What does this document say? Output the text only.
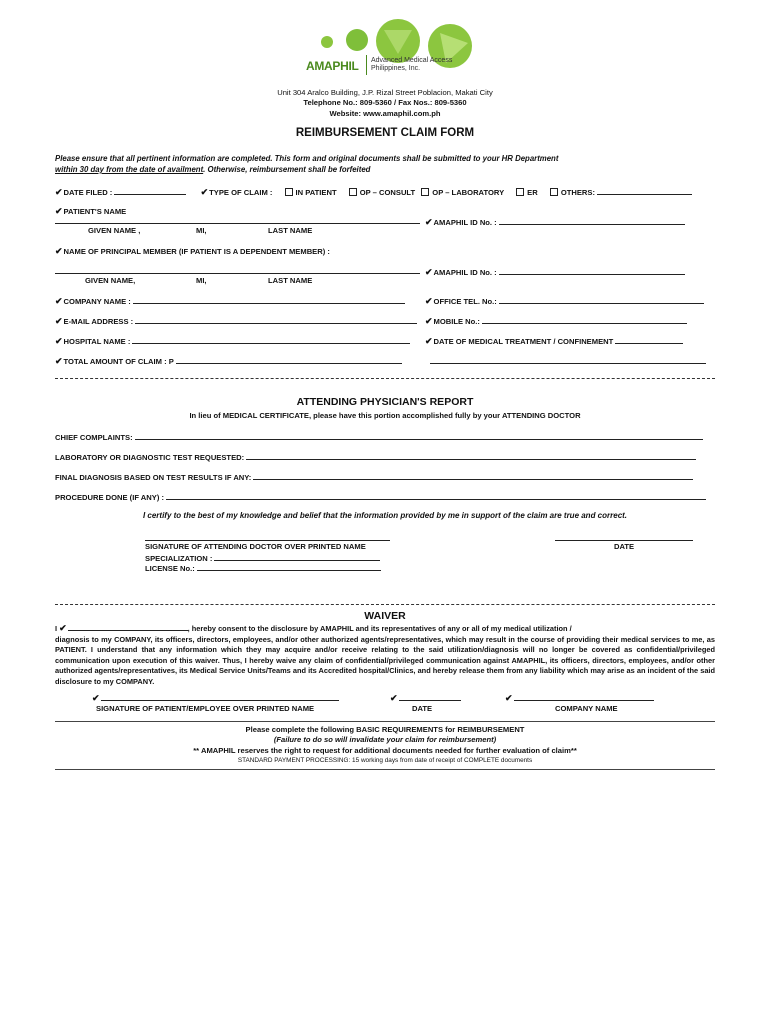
AMAPHIL Advanced Medical Access
Philippines, Inc.
Unit 304 Aralco Building, J.P. Rizal Street Poblacion, Makati City
Telephone No.: 809-5360 / Fax Nos.: 809-5360
Website: www.amaphil.com.ph
REIMBURSEMENT CLAIM FORM
Please ensure that all pertinent information are completed. This form and original documents shall be submitted to your HR Department
within 30 day from the date of availment. Otherwise, reimbursement shall be forfeited
✔DATE FILED :	✔TYPE OF CLAIM :	IN PATIENT	OP – CONSULT OP – LABORATORY	ER	OTHERS:
✔PATIENT'S NAME
✔AMAPHIL ID No. :
GIVEN NAME ,	MI,	LAST NAME
✔NAME OF PRINCIPAL MEMBER (IF PATIENT IS A DEPENDENT MEMBER) :
✔AMAPHIL ID No. :
GIVEN NAME,	MI,	LAST NAME
✔COMPANY NAME :	✔OFFICE TEL. No.:
✔E-MAIL ADDRESS :	✔MOBILE No.:
✔HOSPITAL NAME :	✔DATE OF MEDICAL TREATMENT / CONFINEMENT
✔TOTAL AMOUNT OF CLAIM : P
ATTENDING PHYSICIAN'S REPORT
In lieu of MEDICAL CERTIFICATE, please have this portion accomplished fully by your ATTENDING DOCTOR
CHIEF COMPLAINTS:
LABORATORY OR DIAGNOSTIC TEST REQUESTED:
FINAL DIAGNOSIS BASED ON TEST RESULTS IF ANY:
PROCEDURE DONE (IF ANY) :
I certify to the best of my knowledge and belief that the information provided by me in support of the claim are true and correct.
SIGNATURE OF ATTENDING DOCTOR OVER PRINTED NAME	DATE
SPECIALIZATION :
LICENSE No.:
WAIVER

I ✔	, hereby consent to the disclosure by AMAPHIL and its representatives of any or all of my medical utilization /

diagnosis to my COMPANY, its officers, directors, employees, and/or other authorized agents/representatives, which may result in the course of providing their medical services to me, as PATIENT. I understand that any information which they may acquire and/or receive relating to the said utilization/diagnosis will no longer be covered as confidential/privileged communication upon execution of this waiver. Thus, I hereby waive any claim of confidential/privileged communication against AMAPHIL, its officers, directors, employees, and/or other authorized agents/representatives, its Medical Service Units/Teams and its Accredited hospital/Clinics, and hereby release them from any liability which may arise as an incident of the said disclosure to my COMPANY.

✔	✔	✔
SIGNATURE OF PATIENT/EMPLOYEE OVER PRINTED NAME	DATE	COMPANY NAME
Please complete the following BASIC REQUIREMENTS for REIMBURSEMENT
(Failure to do so will invalidate your claim for reimbursement)
** AMAPHIL reserves the right to request for additional documents needed for further evaluation of claim**
STANDARD PAYMENT PROCESSING: 15 working days from date of receipt of COMPLETE documents
